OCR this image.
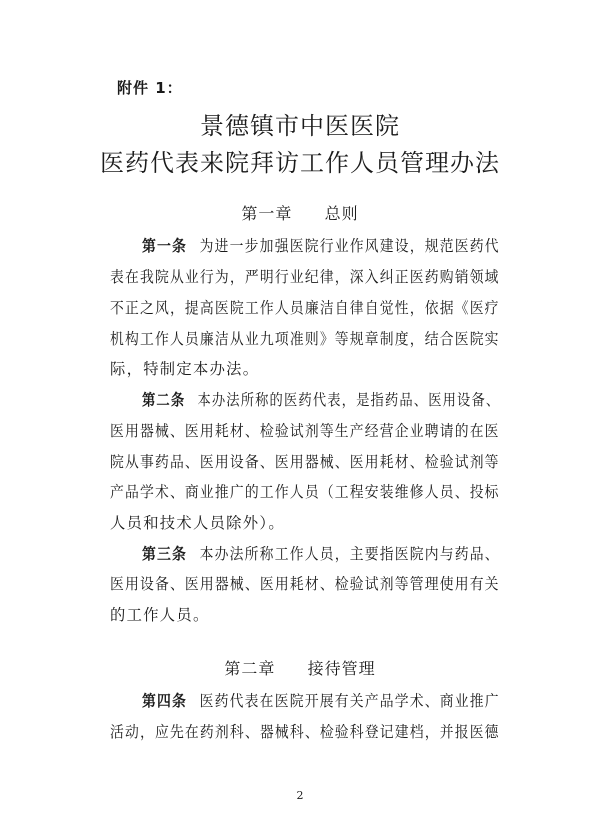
附件 1：
景德镇市中医医院
医药代表来院拜访工作人员管理办法
第一章  总则
第一条 为进一步加强医院行业作风建设，规范医药代
表在我院从业行为，严明行业纪律，深入纠正医药购销领域
不正之风，提高医院工作人员廉洁自律自觉性，依据《医疗
机构工作人员廉洁从业九项准则》等规章制度，结合医院实
际，特制定本办法。
第二条 本办法所称的医药代表，是指药品、医用设备、
医用器械、医用耗材、检验试剂等生产经营企业聘请的在医
院从事药品、医用设备、医用器械、医用耗材、检验试剂等
产品学术、商业推广的工作人员（工程安装维修人员、投标
人员和技术人员除外）。
第三条 本办法所称工作人员，主要指医院内与药品、
医用设备、医用器械、医用耗材、检验试剂等管理使用有关
的工作人员。
第二章  接待管理
第四条 医药代表在医院开展有关产品学术、商业推广
活动，应先在药剂科、器械科、检验科登记建档，并报医德
2
